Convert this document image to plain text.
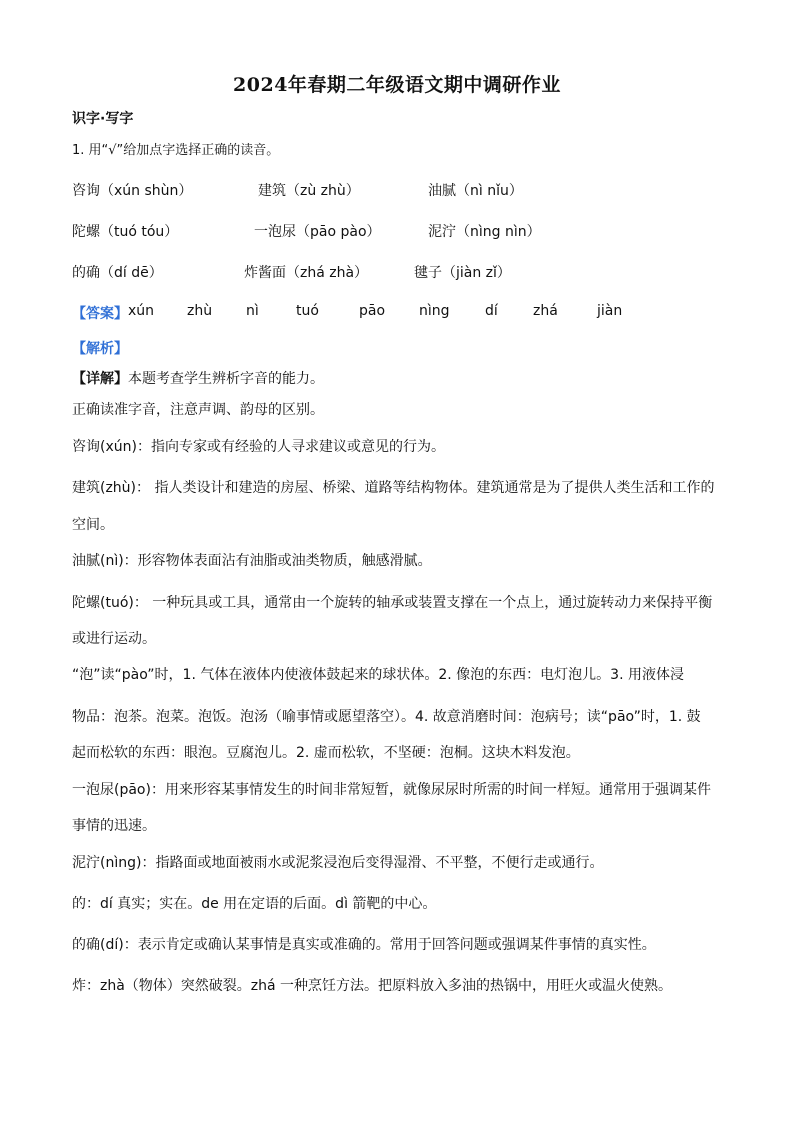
2024年春期二年级语文期中调研作业
识字·写字
1. 用“√”给加点字选择正确的读音。
咨询（xún shùn）	建筑（zù zhù）	油腻（nì nǐu）
陀螺（tuó tóu）	一泡尿（pāo pào）	泥泞（nìng nìn）
的确（dí dē）	炸酱面（zhá zhà）	毽子（jiàn zǐ）
【答案】 xún zhù nì	tuó	pāo nìng	dí	zhá	jiàn
【解析】
【详解】本题考查学生辨析字音的能力。
正确读准字音，注意声调、韵母的区别。
咨询(xún)：指向专家或有经验的人寻求建议或意见的行为。
建筑(zhù)： 指人类设计和建造的房屋、桥梁、道路等结构物体。建筑通常是为了提供人类生活和工作的
空间。
油腻(nì)：形容物体表面沾有油脂或油类物质，触感滑腻。
陀螺(tuó)： 一种玩具或工具，通常由一个旋转的轴承或装置支撑在一个点上，通过旋转动力来保持平衡
或进行运动。
“泡”读“pào”时，1. 气体在液体内使液体鼓起来的球状体。2. 像泡的东西：电灯泡儿。3. 用液体浸
物品：泡茶。泡菜。泡饭。泡汤（喻事情或愿望落空）。4. 故意消磨时间：泡病号；读“pāo”时，1. 鼓
起而松软的东西：眼泡。豆腐泡儿。2. 虚而松软，不坚硬：泡桐。这块木料发泡。
一泡尿(pāo)：用来形容某事情发生的时间非常短暂，就像尿尿时所需的时间一样短。通常用于强调某件
事情的迅速。
泥泞(nìng)：指路面或地面被雨水或泥浆浸泡后变得湿滑、不平整，不便行走或通行。
的：dí 真实；实在。de 用在定语的后面。dì 箭靶的中心。
的确(dí)：表示肯定或确认某事情是真实或准确的。常用于回答问题或强调某件事情的真实性。
炸：zhà（物体）突然破裂。zhá 一种烹饪方法。把原料放入多油的热锅中，用旺火或温火使熟。
